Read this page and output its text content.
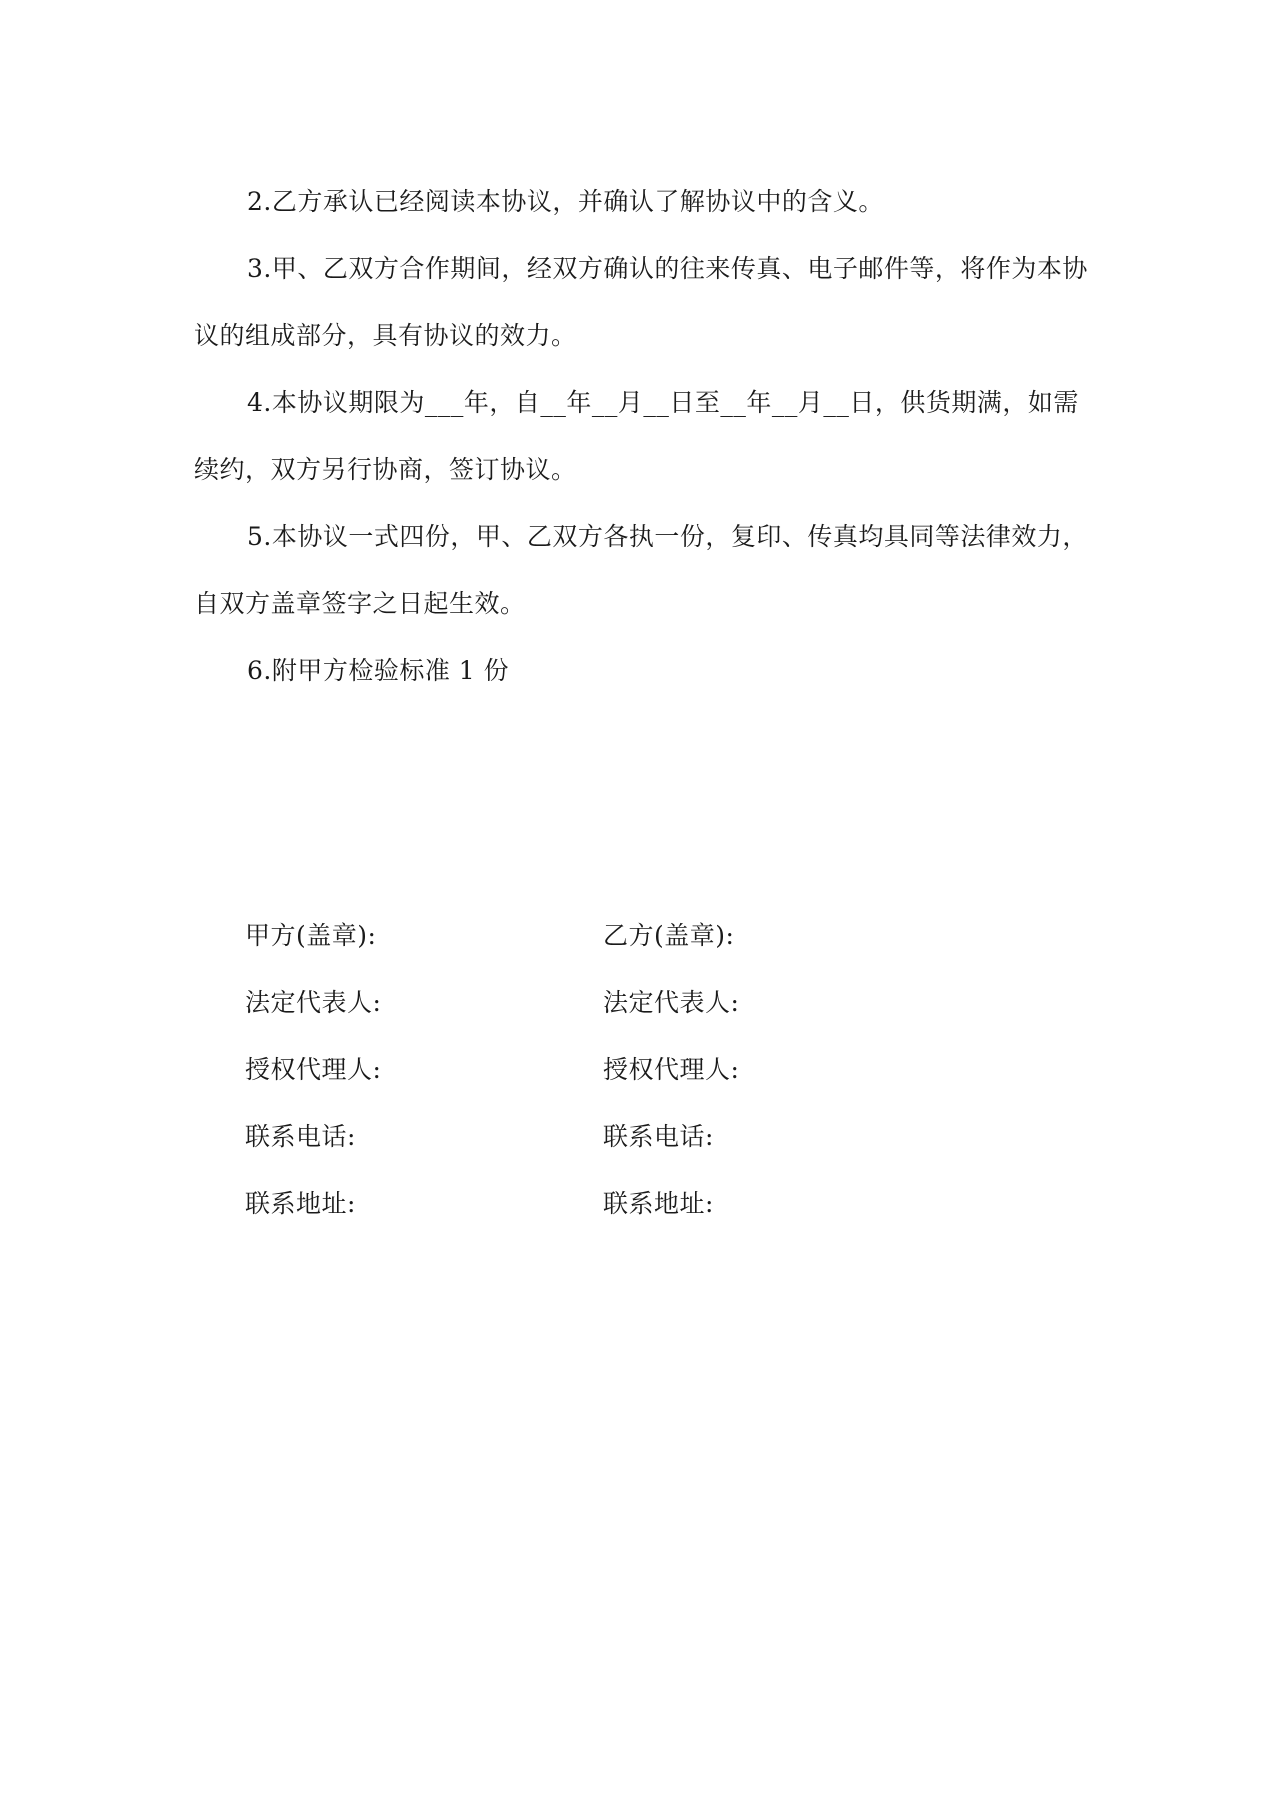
2.乙方承认已经阅读本协议，并确认了解协议中的含义。

3.甲、乙双方合作期间，经双方确认的往来传真、电子邮件等，将作为本协议的组成部分，具有协议的效力。

4.本协议期限为___年，自__年__月__日至__年__月__日，供货期满，如需续约，双方另行协商，签订协议。

5.本协议一式四份，甲、乙双方各执一份，复印、传真均具同等法律效力，自双方盖章签字之日起生效。

6.附甲方检验标准 1 份

甲方(盖章):	乙方(盖章):
法定代表人:	法定代表人:
授权代理人:	授权代理人:
联系电话:	联系电话:
联系地址:	联系地址:
